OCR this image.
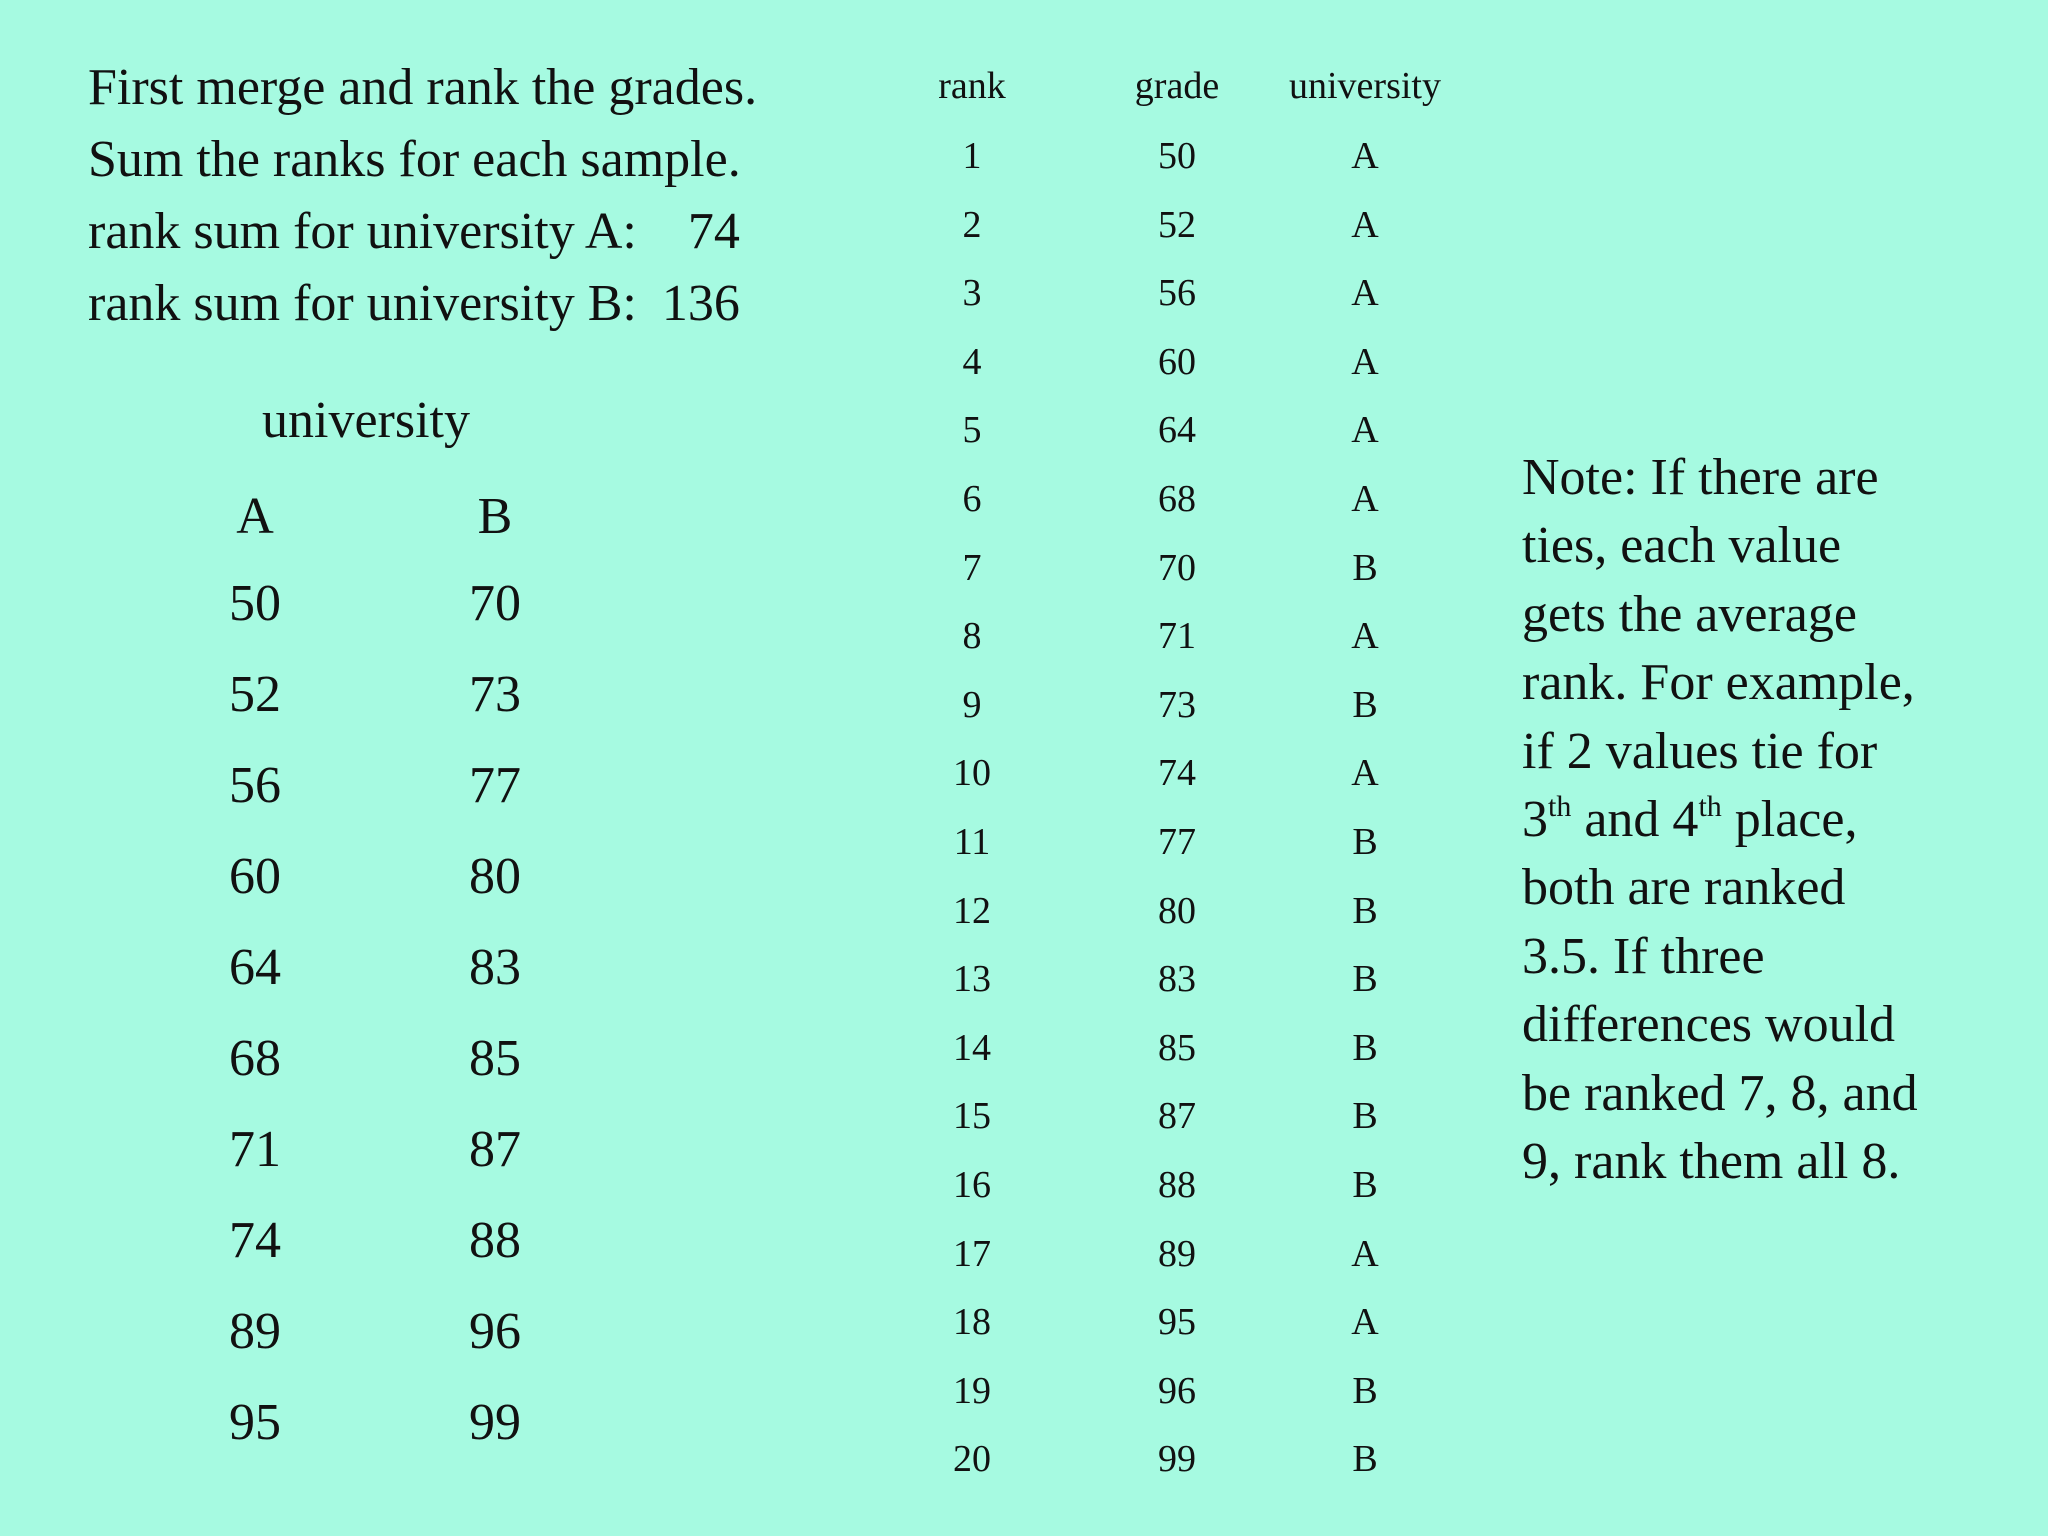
First merge and rank the grades.
Sum the ranks for each sample.
rank sum for university A: 74
rank sum for university B: 136
university
A	B
50	70
52	73
56	77
60	80
64	83
68	85
71	87
74	88
89	96
95	99
rank	grade	university
1	50	A
2	52	A
3	56	A
4	60	A
5	64	A
6	68	A
7	70	B
8	71	A
9	73	B
10	74	A
11	77	B
12	80	B
13	83	B
14	85	B
15	87	B
16	88	B
17	89	A
18	95	A
19	96	B
20	99	B
Note: If there are
ties, each value
gets the average
rank. For example,
if 2 values tie for
3th and 4th place,
both are ranked
3.5. If three
differences would
be ranked 7, 8, and
9, rank them all 8.
